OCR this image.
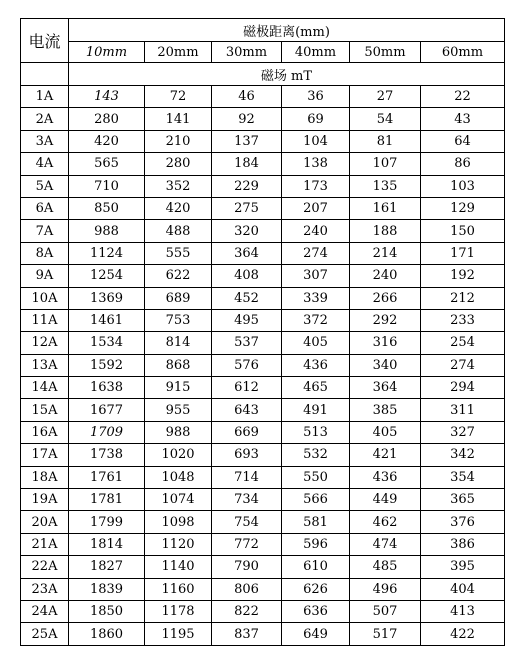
电流	磁极距离(mm)					
	10mm	20mm	30mm	40mm	50mm	60mm
	磁场 mT					
1A	143	72	46	36	27	22
2A	280	141	92	69	54	43
3A	420	210	137	104	81	64
4A	565	280	184	138	107	86
5A	710	352	229	173	135	103
6A	850	420	275	207	161	129
7A	988	488	320	240	188	150
8A	1124	555	364	274	214	171
9A	1254	622	408	307	240	192
10A	1369	689	452	339	266	212
11A	1461	753	495	372	292	233
12A	1534	814	537	405	316	254
13A	1592	868	576	436	340	274
14A	1638	915	612	465	364	294
15A	1677	955	643	491	385	311
16A	1709	988	669	513	405	327
17A	1738	1020	693	532	421	342
18A	1761	1048	714	550	436	354
19A	1781	1074	734	566	449	365
20A	1799	1098	754	581	462	376
21A	1814	1120	772	596	474	386
22A	1827	1140	790	610	485	395
23A	1839	1160	806	626	496	404
24A	1850	1178	822	636	507	413
25A	1860	1195	837	649	517	422
